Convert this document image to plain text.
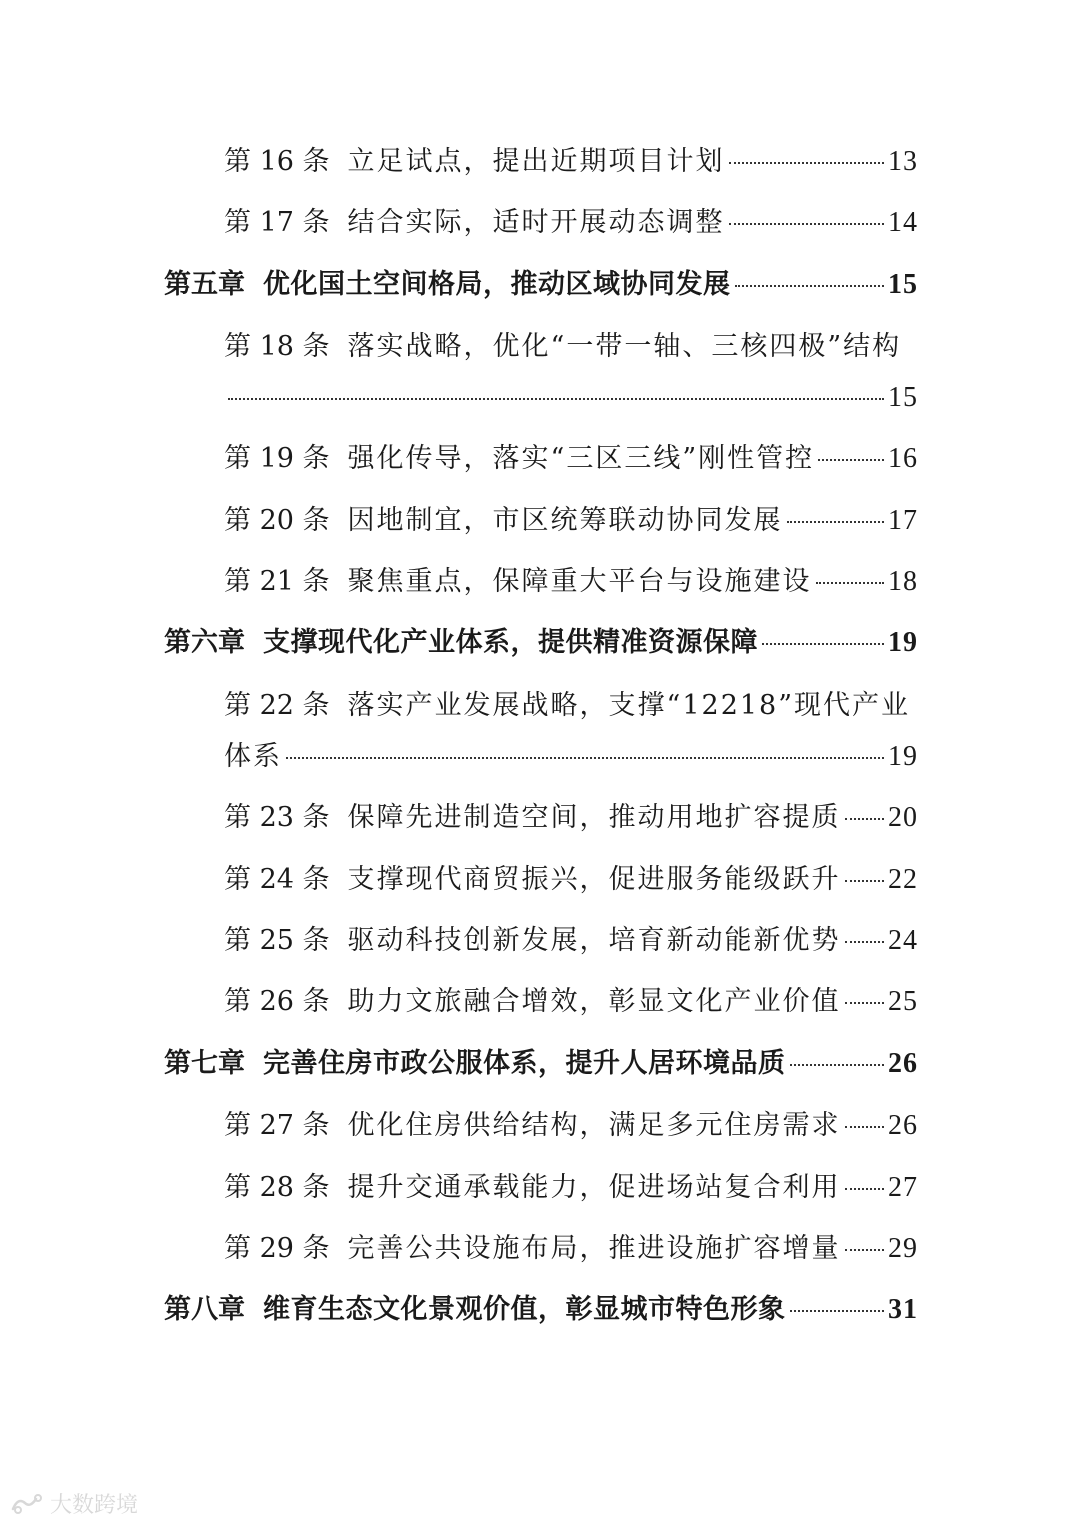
第 16 条 立足试点，提出近期项目计划	13
第 17 条 结合实际，适时开展动态调整	14
第五章 优化国土空间格局，推动区域协同发展	15
第 18 条 落实战略，优化“一带一轴、三核四极”结构
15
第 19 条 强化传导，落实“三区三线”刚性管控	16
第 20 条 因地制宜，市区统筹联动协同发展	17
第 21 条 聚焦重点，保障重大平台与设施建设	18
第六章 支撑现代化产业体系，提供精准资源保障	19
第 22 条 落实产业发展战略，支撑“12218”现代产业
体系	19
第 23 条 保障先进制造空间，推动用地扩容提质 20
第 24 条 支撑现代商贸振兴，促进服务能级跃升 22
第 25 条 驱动科技创新发展，培育新动能新优势 24
第 26 条 助力文旅融合增效，彰显文化产业价值 25
第七章 完善住房市政公服体系，提升人居环境品质	26
第 27 条 优化住房供给结构，满足多元住房需求 26
第 28 条 提升交通承载能力，促进场站复合利用 27
第 29 条 完善公共设施布局，推进设施扩容增量 29
第八章 维育生态文化景观价值，彰显城市特色形象	31
大数跨境
